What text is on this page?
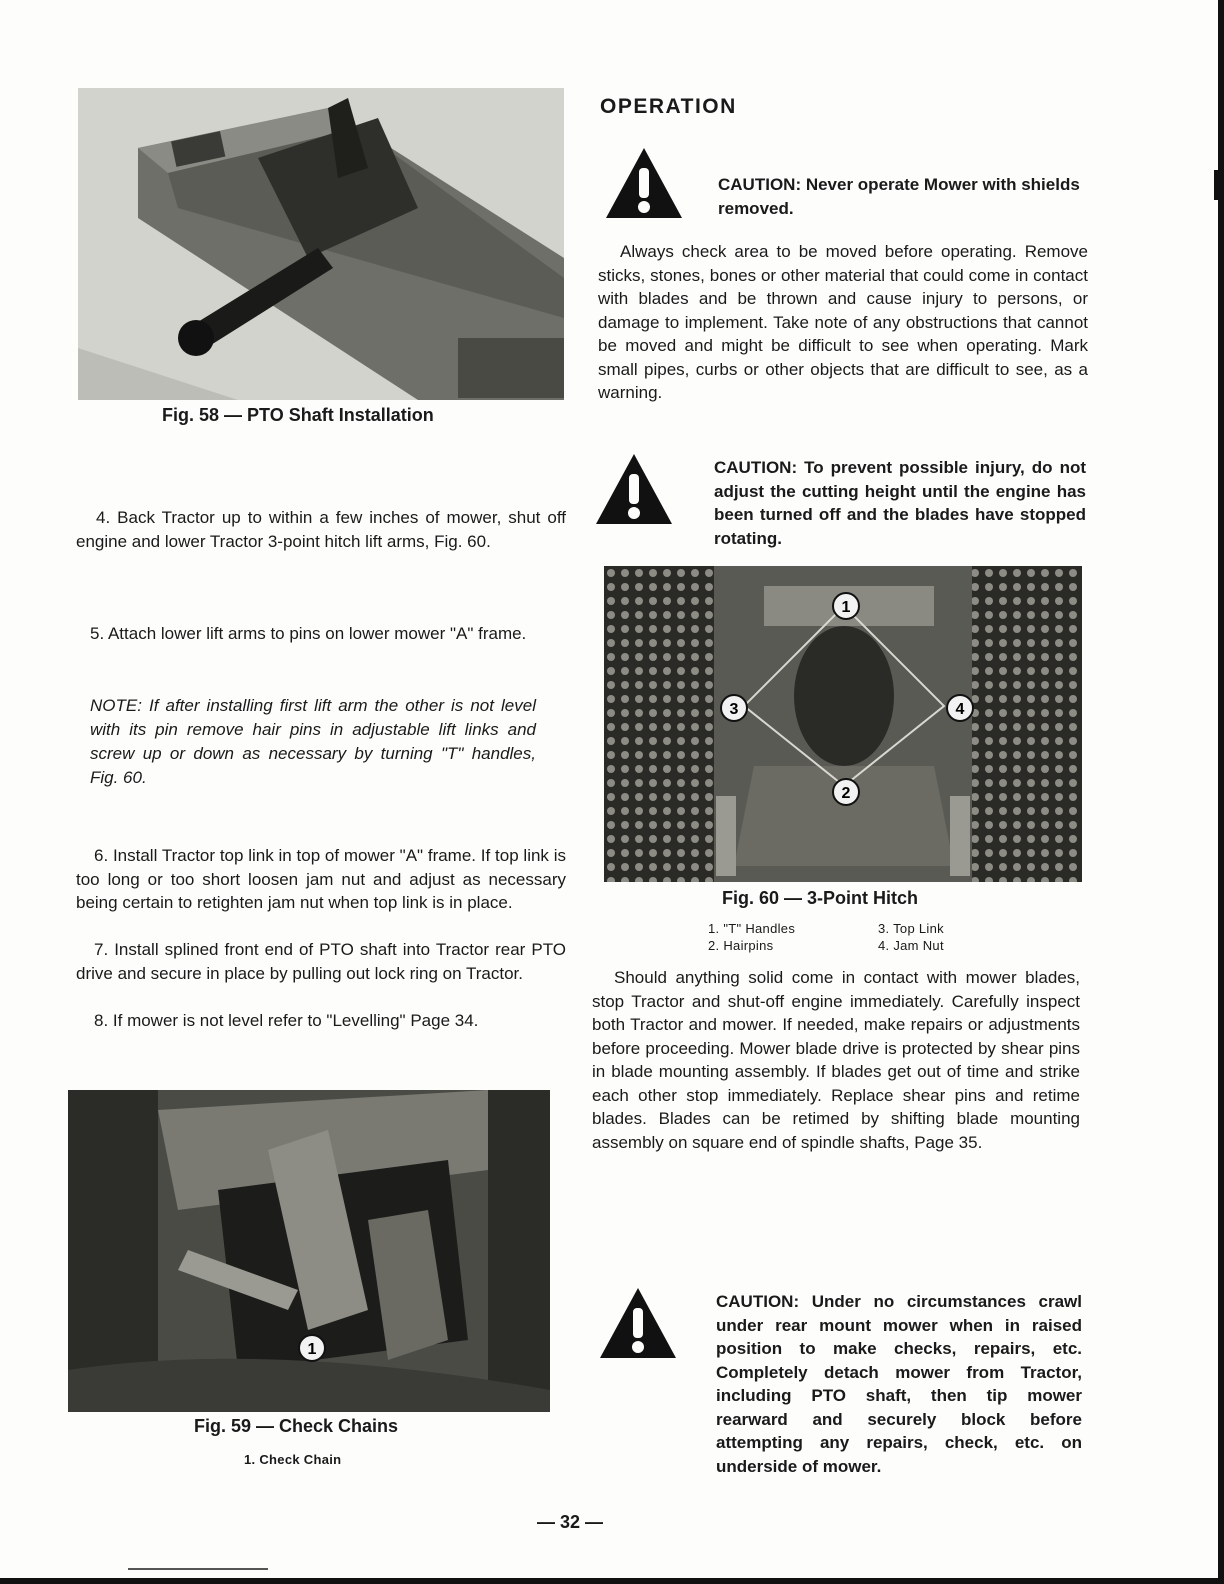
Fig. 58 — PTO Shaft Installation

4. Back Tractor up to within a few inches of mower, shut off engine and lower Tractor 3-point hitch lift arms, Fig. 60.

5. Attach lower lift arms to pins on lower mower "A" frame.

NOTE: If after installing first lift arm the other is not level with its pin remove hair pins in adjustable lift links and screw up or down as necessary by turning "T" handles, Fig. 60.

6. Install Tractor top link in top of mower "A" frame. If top link is too long or too short loosen jam nut and adjust as necessary being certain to retighten jam nut when top link is in place.

7. Install splined front end of PTO shaft into Tractor rear PTO drive and secure in place by pulling out lock ring on Tractor.

8. If mower is not level refer to "Levelling" Page 34.

1
Fig. 59 — Check Chains
1. Check Chain
OPERATION

CAUTION: Never operate Mower with shields removed.

Always check area to be moved before operating. Remove sticks, stones, bones or other material that could come in contact with blades and be thrown and cause injury to persons, or damage to implement. Take note of any obstructions that cannot be moved and might be difficult to see when operating. Mark small pipes, curbs or other objects that are difficult to see, as a warning.

CAUTION: To prevent possible injury, do not adjust the cutting height until the engine has been turned off and the blades have stopped rotating.

1
2
3	4
Fig. 60 — 3-Point Hitch
1. "T" Handles
2. Hairpins
3. Top Link
4. Jam Nut

Should anything solid come in contact with mower blades, stop Tractor and shut-off engine immediately. Carefully inspect both Tractor and mower. If needed, make repairs or adjustments before proceeding. Mower blade drive is protected by shear pins in blade mounting assembly. If blades get out of time and strike each other stop immediately. Replace shear pins and retime blades. Blades can be retimed by shifting blade mounting assembly on square end of spindle shafts, Page 35.

CAUTION: Under no circumstances crawl under rear mount mower when in raised position to make checks, repairs, etc. Completely detach mower from Tractor, including PTO shaft, then tip mower rearward and securely block before attempting any repairs, check, etc. on underside of mower.

— 32 —
